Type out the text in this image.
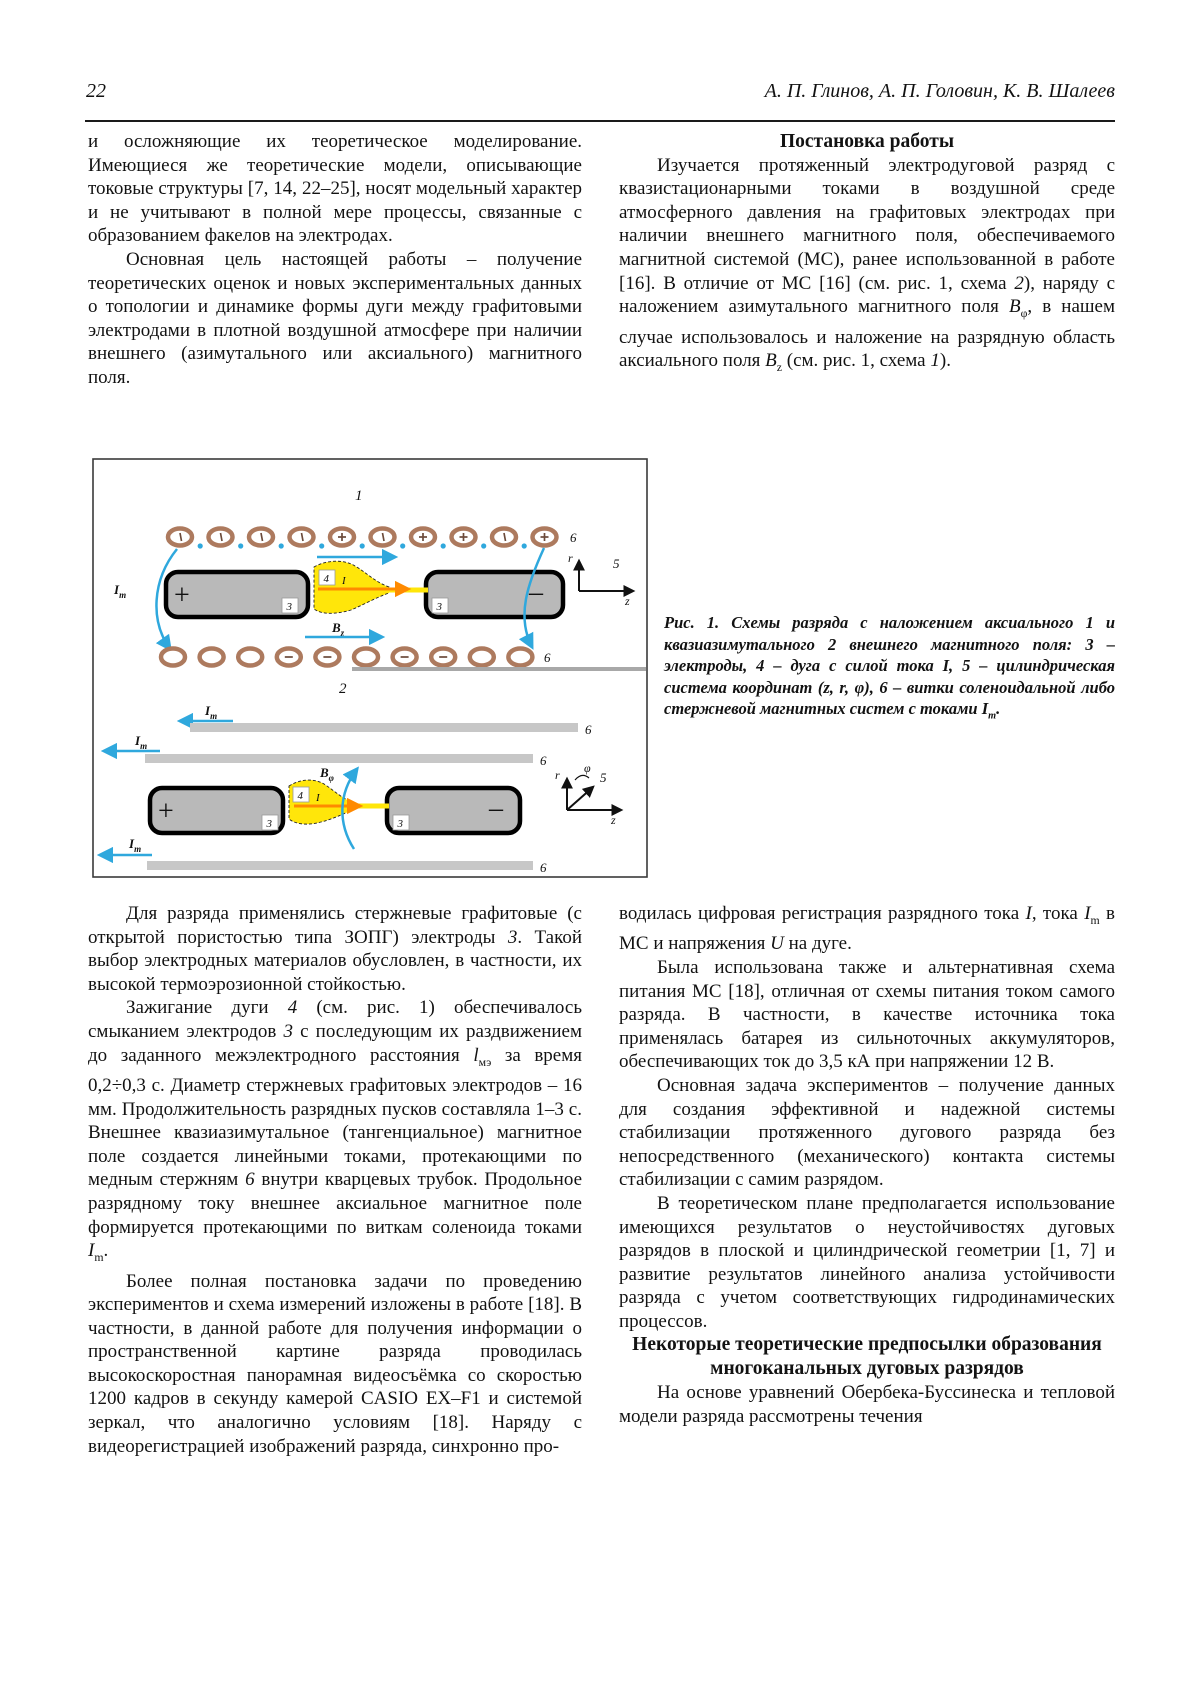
22	А. П. Глинов, А. П. Головин, К. В. Шалеев

и осложняющие их теоретическое моделирование. Имеющиеся же теоретические модели, описывающие токовые структуры [7, 14, 22–25], носят модельный характер и не учитывают в полной мере процессы, связанные с образованием факелов на электродах.

Основная цель настоящей работы – получение теоретических оценок и новых экспериментальных данных о топологии и динамике формы дуги между графитовыми электродами в плотной воздушной атмосфере при наличии внешнего (азимутального или аксиального) магнитного поля.

Постановка работы

Изучается протяженный электродуговой разряд с квазистационарными токами в воздушной среде атмосферного давления на графитовых электродах при наличии внешнего магнитного поля, обеспечиваемого магнитной системой (МС), ранее использованной в работе [16]. В отличие от МС [16] (см. рис. 1, схема 2), наряду с наложением азимутального магнитного поля $B_\varphi$, в нашем случае использовалось и наложение на разрядную область аксиального поля $B_z$ (см. рис. 1, схема 1).

1
6
$I_m$ +	3	–
3
4 I
r
z
5
$B_z$
6
2
$I_m$
6
$I_m$
6
+	3	–
3
4 I
$B_\varphi$	r
z
φ
5
$I_m$
6
Рис. 1. Схемы разряда с наложением аксиального 1 и квазиазимутального 2 внешнего магнитного поля: 3 – электроды, 4 – дуга с силой тока I, 5 – цилиндрическая система координат (z, r, φ), 6 – витки соленоидальной либо стержневой магнитных систем с токами $I_m$.

Для разряда применялись стержневые графитовые (с открытой пористостью типа ЗОПГ) электроды 3. Такой выбор электродных материалов обусловлен, в частности, их высокой термоэрозионной стойкостью.

Зажигание дуги 4 (см. рис. 1) обеспечивалось смыканием электродов 3 с последующим их раздвижением до заданного межэлектродного расстояния $l_{мэ}$ за время 0,2÷0,3 с. Диаметр стержневых графитовых электродов – 16 мм. Продолжительность разрядных пусков составляла 1–3 с. Внешнее квазиазимутальное (тангенциальное) магнитное поле создается линейными токами, протекающими по медным стержням 6 внутри кварцевых трубок. Продольное разрядному току внешнее аксиальное магнитное поле формируется протекающими по виткам соленоида токами $I_m$.

Более полная постановка задачи по проведению экспериментов и схема измерений изложены в работе [18]. В частности, в данной работе для получения информации о пространственной картине разряда проводилась высокоскоростная панорамная видеосъёмка со скоростью 1200 кадров в секунду камерой CASIO EX–F1 и системой зеркал, что аналогично условиям [18]. Наряду с видеорегистрацией изображений разряда, синхронно про-

водилась цифровая регистрация разрядного тока I, тока $I_m$ в МС и напряжения U на дуге.

Была использована также и альтернативная схема питания МС [18], отличная от схемы питания током самого разряда. В частности, в качестве источника тока применялась батарея из сильноточных аккумуляторов, обеспечивающих ток до 3,5 кА при напряжении 12 В.

Основная задача экспериментов – получение данных для создания эффективной и надежной системы стабилизации протяженного дугового разряда без непосредственного (механического) контакта системы стабилизации с самим разрядом.

В теоретическом плане предполагается использование имеющихся результатов о неустойчивостях дуговых разрядов в плоской и цилиндрической геометрии [1, 7] и развитие результатов линейного анализа устойчивости разряда с учетом соответствующих гидродинамических процессов.

Некоторые теоретические предпосылки образования многоканальных дуговых разрядов

На основе уравнений Обербека-Буссинеска и тепловой модели разряда рассмотрены течения
